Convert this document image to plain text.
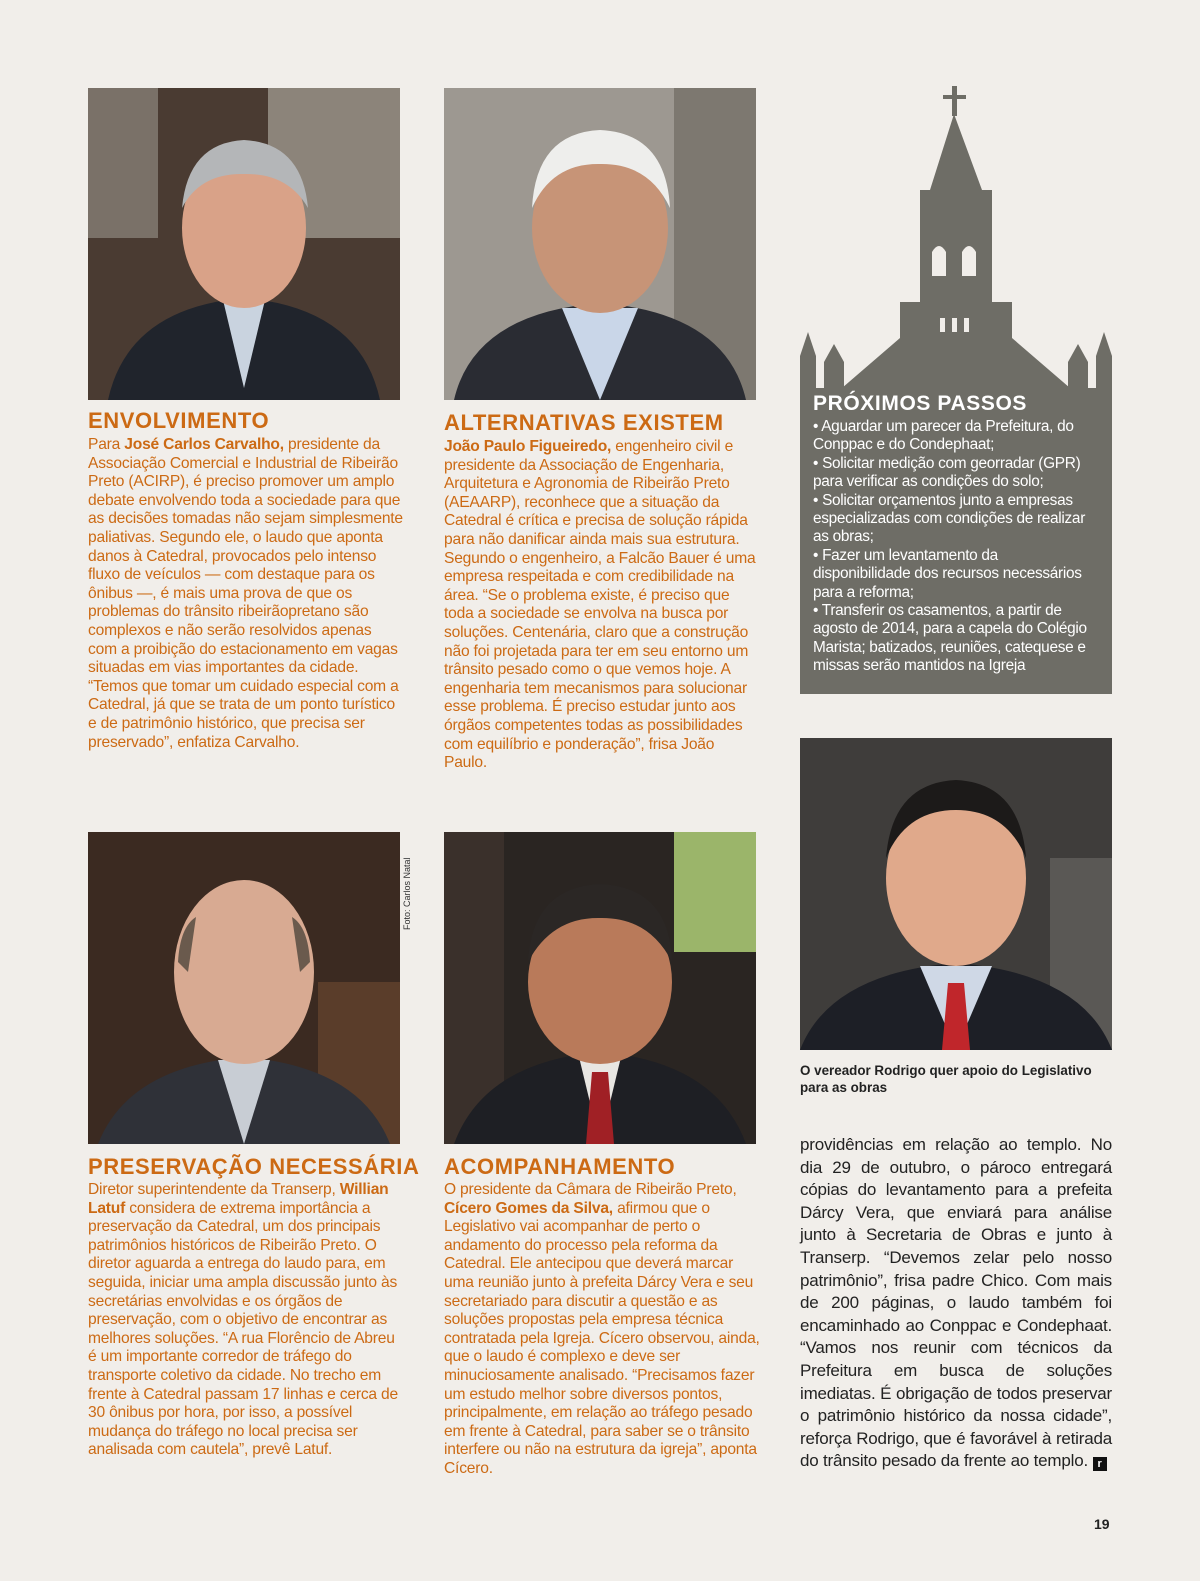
Foto: Carlos Natal
ENVOLVIMENTO

Para José Carlos Carvalho, presidente da Associação Comercial e Industrial de Ribeirão Preto (ACIRP), é preciso promover um amplo debate envolvendo toda a sociedade para que as decisões tomadas não sejam simplesmente paliativas. Segundo ele, o laudo que aponta danos à Catedral, provocados pelo intenso fluxo de veículos — com destaque para os ônibus —, é mais uma prova de que os problemas do trânsito ribeirãopretano são complexos e não serão resolvidos apenas com a proibição do estacionamento em vagas situadas em vias importantes da cidade. “Temos que tomar um cuidado especial com a Catedral, já que se trata de um ponto turístico e de patrimônio histórico, que precisa ser preservado”, enfatiza Carvalho.

ALTERNATIVAS EXISTEM

João Paulo Figueiredo, engenheiro civil e presidente da Associação de Engenharia, Arquitetura e Agronomia de Ribeirão Preto (AEAARP), reconhece que a situação da Catedral é crítica e precisa de solução rápida para não danificar ainda mais sua estrutura. Segundo o engenheiro, a Falcão Bauer é uma empresa respeitada e com credibilidade na área. “Se o problema existe, é preciso que toda a sociedade se envolva na busca por soluções. Centenária, claro que a construção não foi projetada para ter em seu entorno um trânsito pesado como o que vemos hoje. A engenharia tem mecanismos para solucionar esse problema. É preciso estudar junto aos órgãos competentes todas as possibilidades com equilíbrio e ponderação”, frisa João Paulo.

PRESERVAÇÃO NECESSÁRIA

Diretor superintendente da Transerp, Willian Latuf considera de extrema importância a preservação da Catedral, um dos principais patrimônios históricos de Ribeirão Preto. O diretor aguarda a entrega do laudo para, em seguida, iniciar uma ampla discussão junto às secretárias envolvidas e os órgãos de preservação, com o objetivo de encontrar as melhores soluções. “A rua Florêncio de Abreu é um importante corredor de tráfego do transporte coletivo da cidade. No trecho em frente à Catedral passam 17 linhas e cerca de 30 ônibus por hora, por isso, a possível mudança do tráfego no local precisa ser analisada com cautela”, prevê Latuf.

ACOMPANHAMENTO

O presidente da Câmara de Ribeirão Preto, Cícero Gomes da Silva, afirmou que o Legislativo vai acompanhar de perto o andamento do processo pela reforma da Catedral. Ele antecipou que deverá marcar uma reunião junto à prefeita Dárcy Vera e seu secretariado para discutir a questão e as soluções propostas pela empresa técnica contratada pela Igreja. Cícero observou, ainda, que o laudo é complexo e deve ser minuciosamente analisado. “Precisamos fazer um estudo melhor sobre diversos pontos, principalmente, em relação ao tráfego pesado em frente à Catedral, para saber se o trânsito interfere ou não na estrutura da igreja”, aponta Cícero.

PRÓXIMOS PASSOS
• Aguardar um parecer da Prefeitura, do Conppac e do Condephaat;
• Solicitar medição com georradar (GPR) para verificar as condições do solo;
• Solicitar orçamentos junto a empresas especializadas com condições de realizar as obras;
• Fazer um levantamento da disponibilidade dos recursos necessários para a reforma;
• Transferir os casamentos, a partir de agosto de 2014, para a capela do Colégio Marista; batizados, reuniões, catequese e missas serão mantidos na Igreja

O vereador Rodrigo quer apoio do Legislativo para as obras

providências em relação ao templo. No dia 29 de outubro, o pároco entregará cópias do levantamento para a prefeita Dárcy Vera, que enviará para análise junto à Secretaria de Obras e junto à Transerp. “Devemos zelar pelo nosso patrimônio”, frisa padre Chico. Com mais de 200 páginas, o laudo também foi encaminhado ao Conppac e Condephaat. “Vamos nos reunir com técnicos da Prefeitura em busca de soluções imediatas. É obrigação de todos preservar o patrimônio histórico da nossa cidade”, reforça Rodrigo, que é favorável à retirada do trânsito pesado da frente ao templo. r

19
